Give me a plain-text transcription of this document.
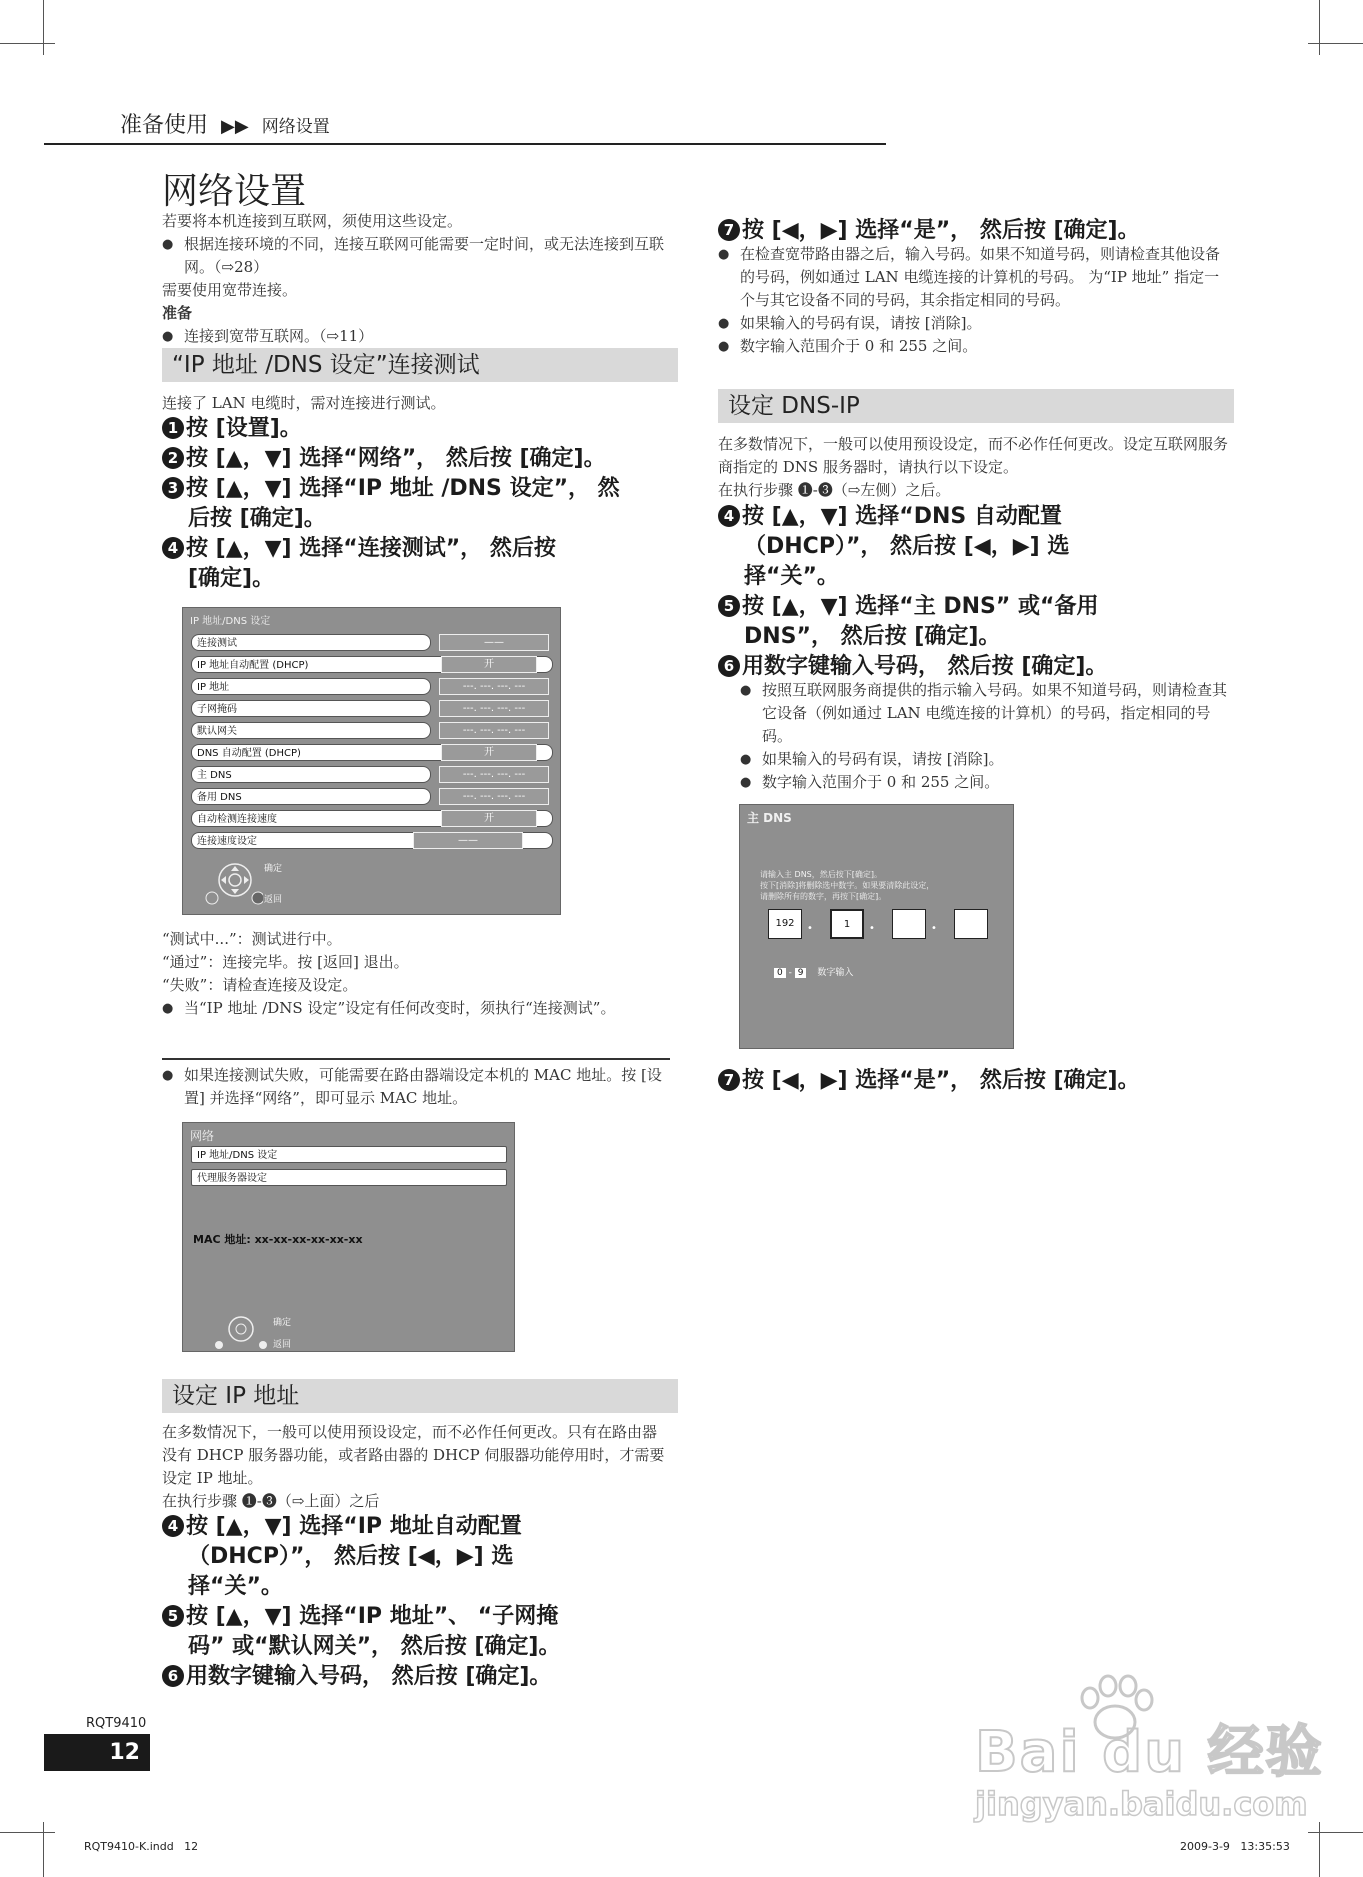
准备使用 ▶▶ 网络设置
网络设置
若要将本机连接到互联网，须使用这些设定。
● 根据连接环境的不同，连接互联网可能需要一定时间，或无法连接到互联网。（⇨28）
需要使用宽带连接。
准备
● 连接到宽带互联网。（⇨11）
“IP 地址 /DNS 设定”连接测试
连接了 LAN 电缆时，需对连接进行测试。
1 按 [设置]。
2 按 [▲，▼] 选择“网络”， 然后按 [确定]。
3 按 [▲，▼] 选择“IP 地址 /DNS 设定”， 然
后按 [确定]。
4 按 [▲，▼] 选择“连接测试”， 然后按
[确定]。
IP 地址/DNS 设定
连接测试	——
IP 地址自动配置 (DHCP)	开
IP 地址	---. ---. ---. ---
子网掩码	---. ---. ---. ---
默认网关	---. ---. ---. ---
DNS 自动配置 (DHCP)	开
主 DNS	---. ---. ---. ---
备用 DNS	---. ---. ---. ---
自动检测连接速度	开
连接速度设定	——
确定
返回
“测试中...”：测试进行中。
“通过”：连接完毕。按 [返回] 退出。
“失败”：请检查连接及设定。
● 当“IP 地址 /DNS 设定”设定有任何改变时，须执行“连接测试”。
● 如果连接测试失败，可能需要在路由器端设定本机的 MAC 地址。按 [设置] 并选择“网络”，即可显示 MAC 地址。
网络
IP 地址/DNS 设定
代理服务器设定
MAC 地址: xx-xx-xx-xx-xx-xx
确定
返回
设定 IP 地址
在多数情况下，一般可以使用预设设定，而不必作任何更改。只有在路由器没有 DHCP 服务器功能，或者路由器的 DHCP 伺服器功能停用时，才需要设定 IP 地址。
在执行步骤 ❶-❸（⇨上面）之后
4 按 [▲，▼] 选择“IP 地址自动配置
（DHCP）”， 然后按 [◀，▶] 选
择“关”。
5 按 [▲，▼] 选择“IP 地址”、 “子网掩
码” 或“默认网关”， 然后按 [确定]。
6 用数字键输入号码， 然后按 [确定]。
7 按 [◀，▶] 选择“是”， 然后按 [确定]。
● 在检查宽带路由器之后，输入号码。如果不知道号码，则请检查其他设备的号码，例如通过 LAN 电缆连接的计算机的号码。 为“IP 地址” 指定一个与其它设备不同的号码，其余指定相同的号码。
● 如果输入的号码有误，请按 [消除]。
● 数字输入范围介于 0 和 255 之间。
设定 DNS-IP
在多数情况下，一般可以使用预设设定，而不必作任何更改。设定互联网服务商指定的 DNS 服务器时，请执行以下设定。
在执行步骤 ❶-❸（⇨左侧）之后。
4 按 [▲，▼] 选择“DNS 自动配置
（DHCP）”， 然后按 [◀，▶] 选
择“关”。
5 按 [▲，▼] 选择“主 DNS” 或“备用
DNS”， 然后按 [确定]。
6 用数字键输入号码， 然后按 [确定]。
● 按照互联网服务商提供的指示输入号码。如果不知道号码，则请检查其它设备（例如通过 LAN 电缆连接的计算机）的号码，指定相同的号码。
● 如果输入的号码有误，请按 [消除]。
● 数字输入范围介于 0 和 255 之间。
主 DNS
请输入主 DNS，然后按下[确定]。
按下[消除]将删除选中数字。如果要清除此设定，
请删除所有的数字，再按下[确定]。
192	•	1	•	•
0 - 9 数字输入
7 按 [◀，▶] 选择“是”， 然后按 [确定]。
RQT9410
12
RQT9410-K.indd   12	2009-3-9   13:35:53
Bai du 经验
jingyan.baidu.com
